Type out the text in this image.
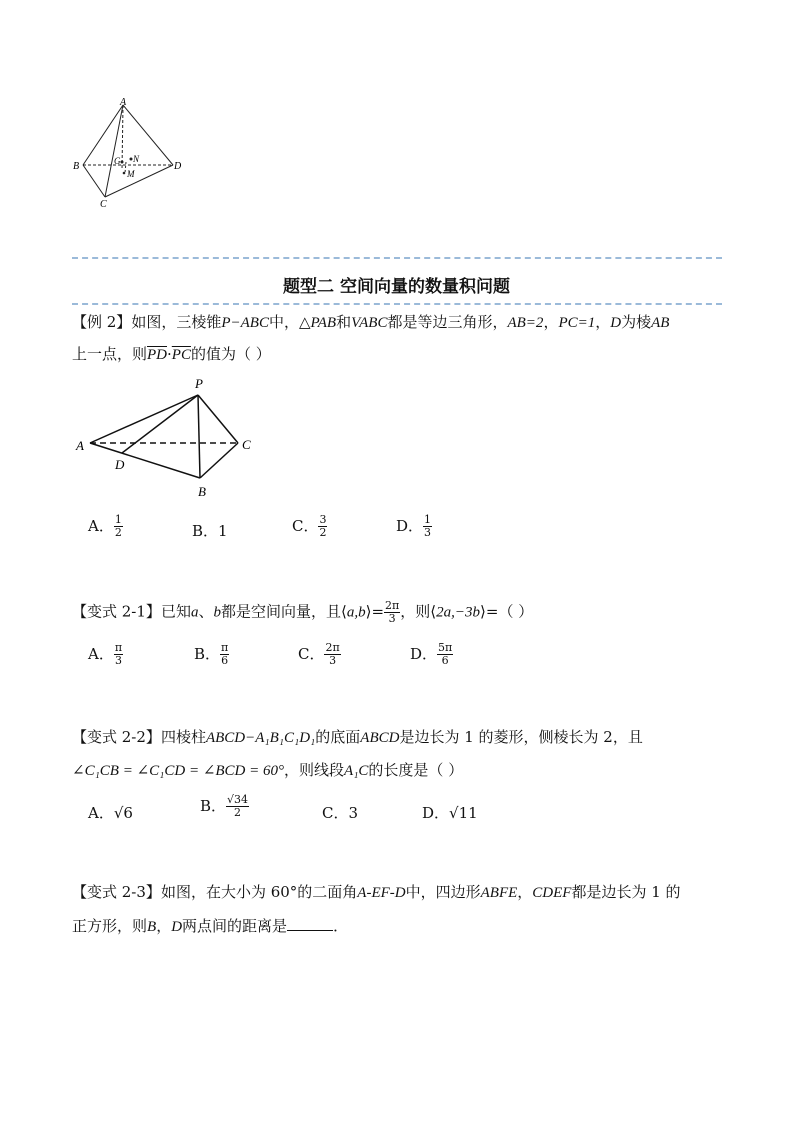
A
B
C
D
G N
M
题型二 空间向量的数量积问题
【例 2】如图，三棱锥P−ABC中，△PAB和VABC都是等边三角形，AB=2，PC=1，D为棱AB
上一点，则$\overline{PD}\cdot\overline{PC}$的值为（ ）
P
A	C
D
B
A． $\frac{1}{2}$	B．1	C． $\frac{3}{2}$	D． $\frac{1}{3}$
【变式 2-1】已知a、b都是空间向量，且⟨a,b⟩= $\frac{2\pi}{3}$ ，则⟨2a,−3b⟩=（ ）
A． $\frac{\pi}{3}$	B． $\frac{\pi}{6}$	C． $\frac{2\pi}{3}$	D． $\frac{5\pi}{6}$
【变式 2-2】四棱柱ABCD−A₁B₁C₁D₁的底面ABCD是边长为 1 的菱形，侧棱长为 2，且
∠C₁CB = ∠C₁CD = ∠BCD = 60°，则线段A₁C的长度是（ ）
A．√6	B． $\frac{√34}{2}$	C．3	D．√11
【变式 2-3】如图，在大小为 60°的二面角A-EF-D中，四边形ABFE，CDEF都是边长为 1 的
正方形，则B，D两点间的距离是	．
